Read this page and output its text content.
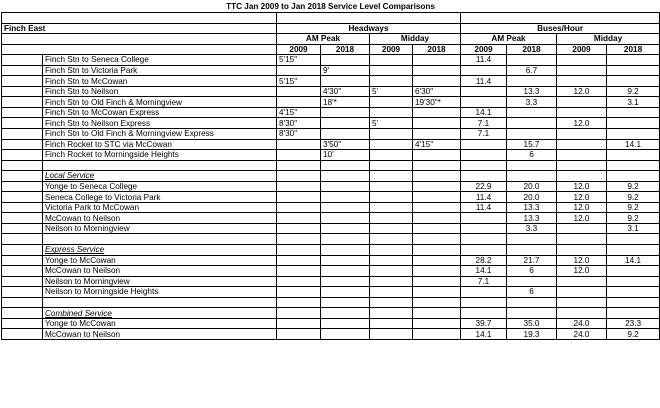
TTC Jan 2009 to Jan 2018 Service Level Comparisons									

Finch East		Headways				Buses/Hour			
		AM Peak		Midday		AM Peak		Midday	
		2009	2018	2009	2018	2009	2018	2009	2018
	Finch Stn to Seneca College	5'15"				11.4			
	Finch Stn to Victoria Park		9'				6.7		
	Finch Stn to McCowan	5'15"				11.4			
	Finch Stn to Neilson		4'30"	5'	6'30"		13.3	12.0	9.2
	Finch Stn to Old Finch & Morningview		18'*		19'30"*		3.3		3.1
	Finch Stn to McCowan Express	4'15"				14.1			
	Finch Stn to Neilson Express	8'30"		5'		7.1		12.0	
	Finch Stn to Old Finch & Morningview Express	8'30"				7.1			
	Finch Rocket to STC via McCowan		3'50"		4'15"		15.7		14.1
	Finch Rocket to Morningside Heights		10'				6		

	Local Service								
	Yonge to Seneca College					22.9	20.0	12.0	9.2
	Seneca College to Victoria Park					11.4	20.0	12.0	9.2
	Victoria Park to McCowan					11.4	13.3	12.0	9.2
	McCowan to Neilson						13.3	12.0	9.2
	Neilson to Morningview						3.3		3.1

	Express Service								
	Yonge to McCowan					28.2	21.7	12.0	14.1
	McCowan to Neilson					14.1	6	12.0	
	Neilson to Morningview					7.1			
	Neilson to Morningside Heights						6		

	Combined Service								
	Yonge to McCowan					39.7	35.0	24.0	23.3
	McCowan to Neilson					14.1	19.3	24.0	9.2
